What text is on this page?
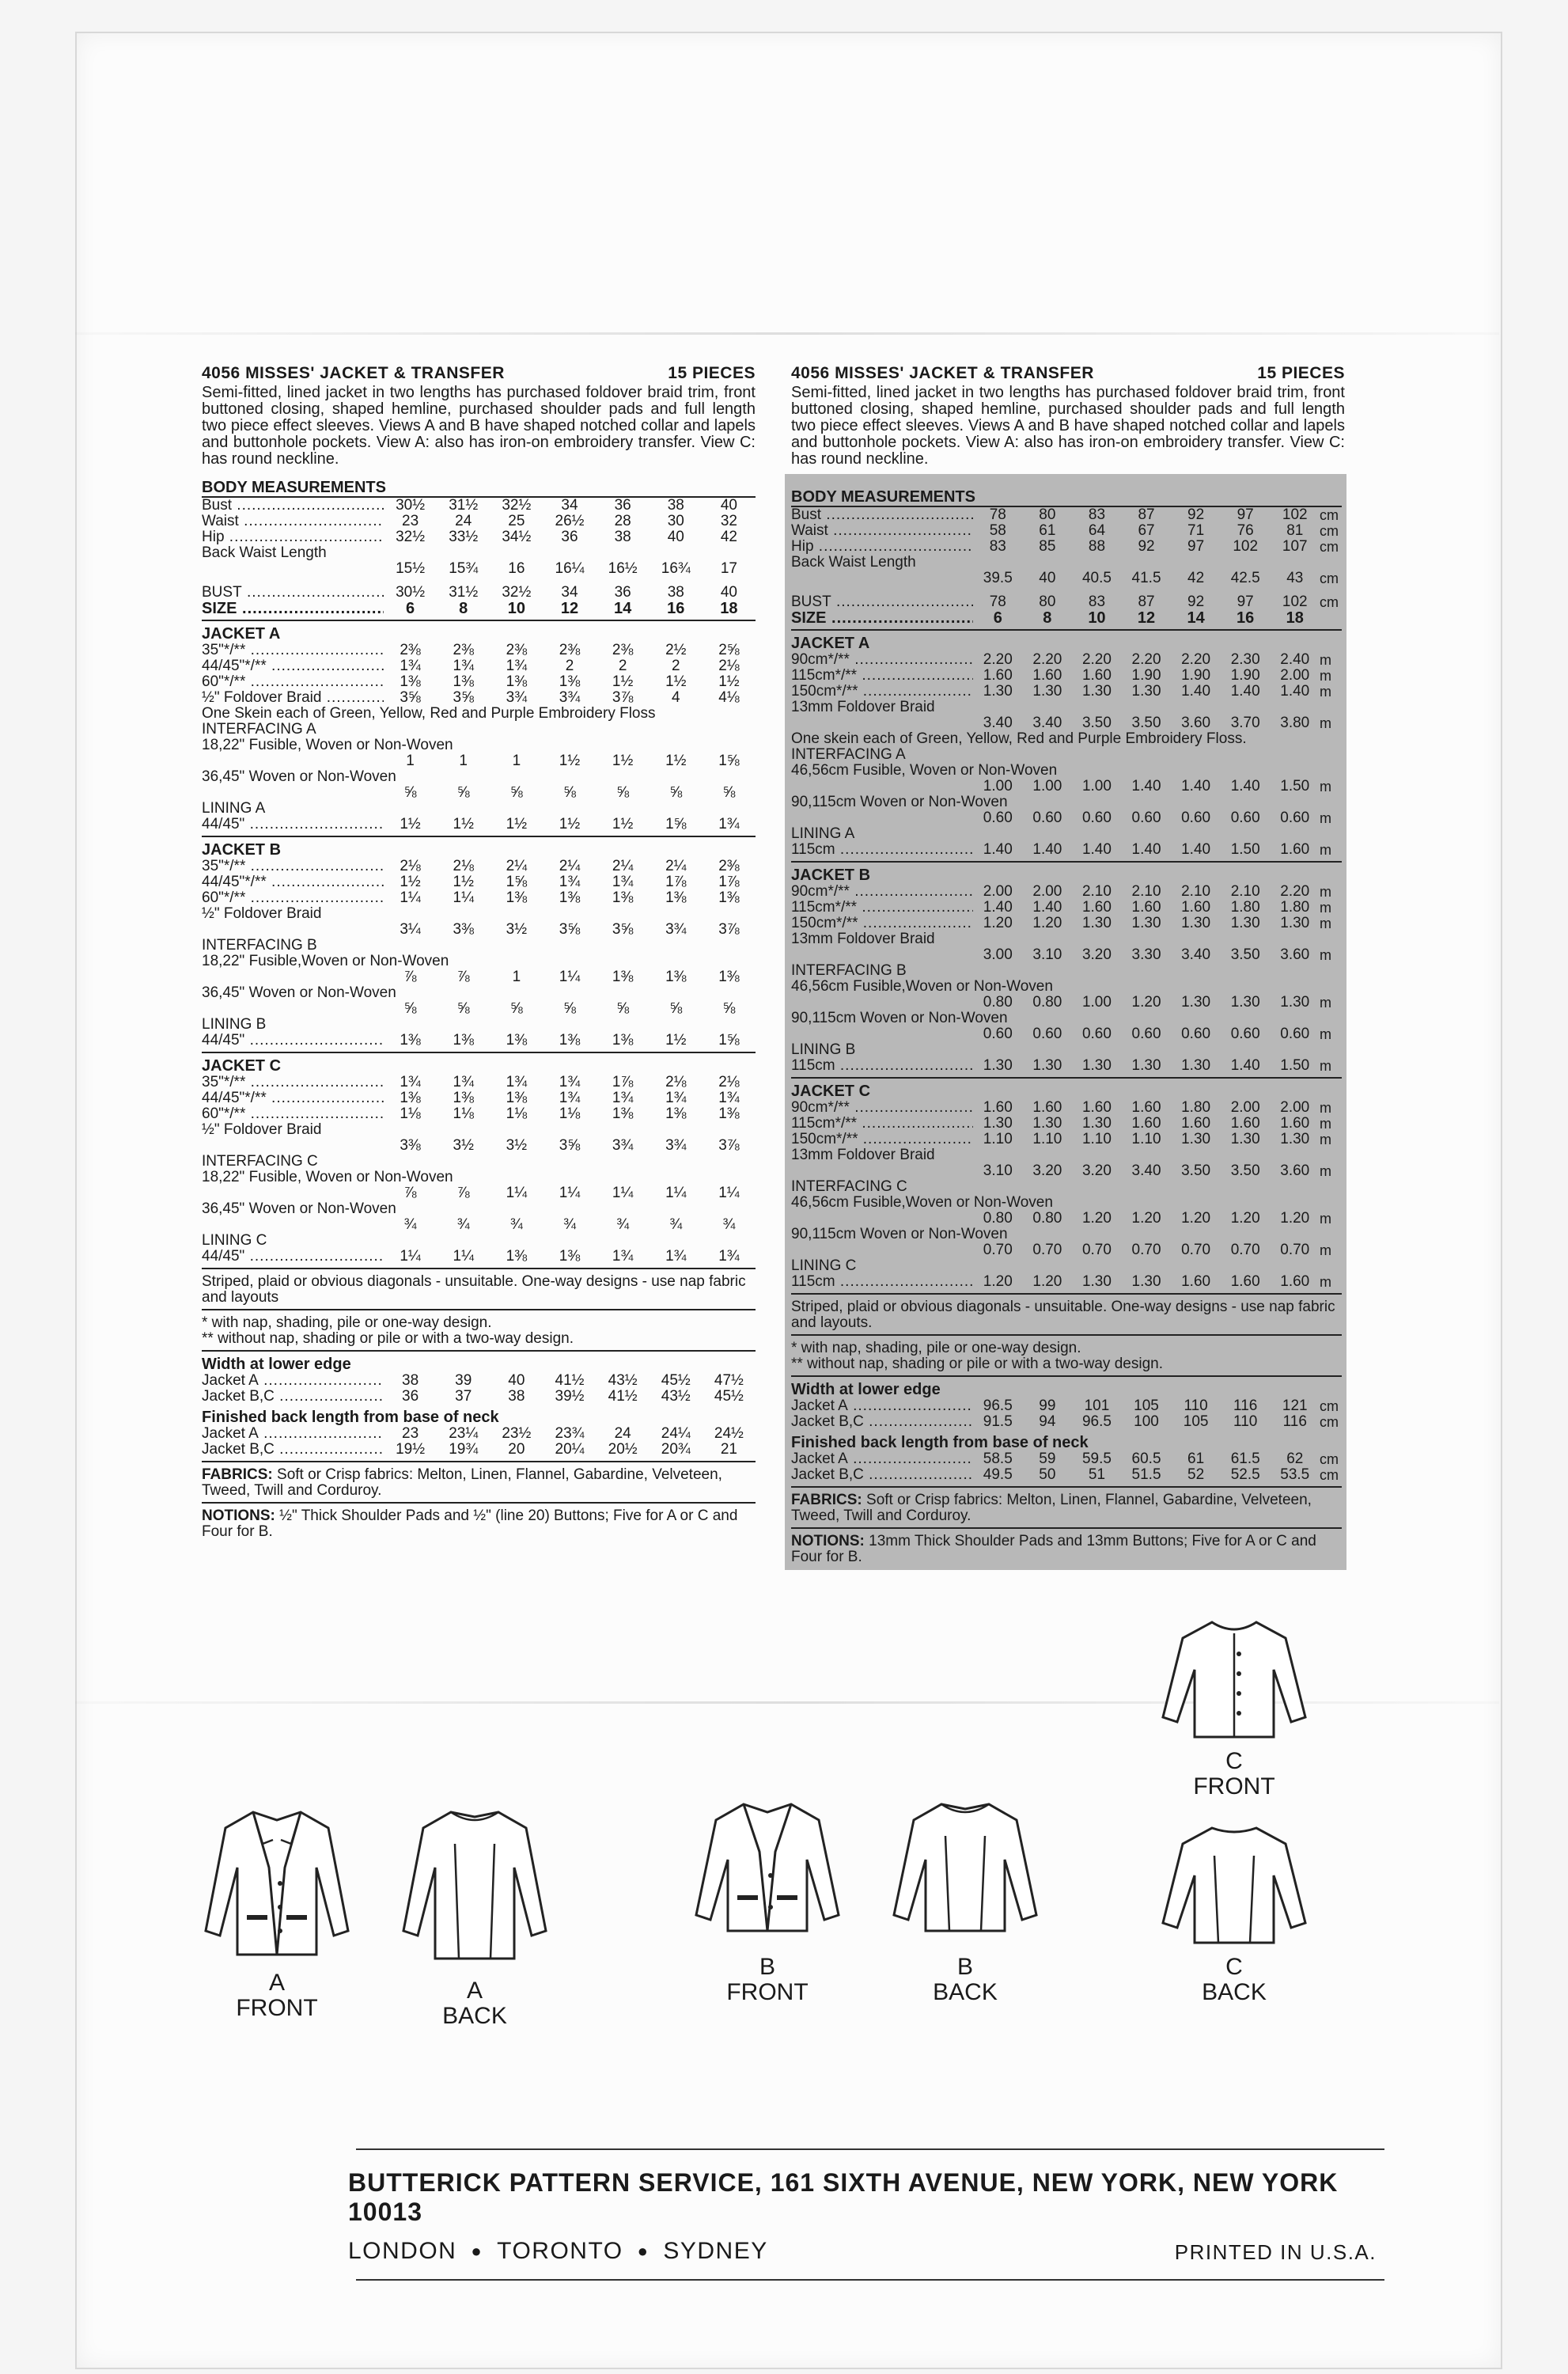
4056 MISSES' JACKET & TRANSFER	15 PIECES
Semi-fitted, lined jacket in two lengths has purchased foldover braid trim, front buttoned closing, shaped hemline, purchased shoulder pads and full length two piece effect sleeves. Views A and B have shaped notched collar and lapels and buttonhole pockets. View A: also has iron-on embroidery transfer. View C: has round neckline.
BODY MEASUREMENTS
Bust .....	30½	31½	32½	34	36	38	40
Waist .....	23	24	25	26½	28	30	32
Hip .....	32½	33½	34½	36	38	40	42
Back Waist Length
15½	15¾	16	16¼	16½	16¾	17
BUST .....	30½	31½	32½	34	36	38	40
SIZE .....	6	8	10	12	14	16	18
JACKET A
35"*/** .....	2⅜	2⅜	2⅜	2⅜	2⅜	2½	2⅝
44/45"*/** .....	1¾	1¾	1¾	2	2	2	2⅛
60"*/** .....	1⅜	1⅜	1⅜	1⅜	1½	1½	1½
½" Foldover Braid .....	3⅝	3⅝	3¾	3¾	3⅞	4	4⅛
One Skein each of Green, Yellow, Red and Purple Embroidery Floss
INTERFACING A
18,22" Fusible, Woven or Non-Woven
1	1	1	1½	1½	1½	1⅝
36,45" Woven or Non-Woven
⅝	⅝	⅝	⅝	⅝	⅝	⅝
LINING A
44/45" .....	1½	1½	1½	1½	1½	1⅝	1¾
JACKET B
35"*/** .....	2⅛	2⅛	2¼	2¼	2¼	2¼	2⅜
44/45"*/** .....	1½	1½	1⅝	1¾	1¾	1⅞	1⅞
60"*/** .....	1¼	1¼	1⅜	1⅜	1⅜	1⅜	1⅜
½" Foldover Braid
3¼	3⅜	3½	3⅝	3⅝	3¾	3⅞
INTERFACING B
18,22" Fusible,Woven or Non-Woven
⅞	⅞	1	1¼	1⅜	1⅜	1⅜
36,45" Woven or Non-Woven
⅝	⅝	⅝	⅝	⅝	⅝	⅝
LINING B
44/45" .....	1⅜	1⅜	1⅜	1⅜	1⅜	1½	1⅝
JACKET C
35"*/** .....	1¾	1¾	1¾	1¾	1⅞	2⅛	2⅛
44/45"*/** .....	1⅜	1⅜	1⅜	1¾	1¾	1¾	1¾
60"*/** .....	1⅛	1⅛	1⅛	1⅛	1⅜	1⅜	1⅜
½" Foldover Braid
3⅜	3½	3½	3⅝	3¾	3¾	3⅞
INTERFACING C
18,22" Fusible, Woven or Non-Woven
⅞	⅞	1¼	1¼	1¼	1¼	1¼
36,45" Woven or Non-Woven
¾	¾	¾	¾	¾	¾	¾
LINING C
44/45" .....	1¼	1¼	1⅜	1⅜	1¾	1¾	1¾
Striped, plaid or obvious diagonals - unsuitable. One-way designs - use nap fabric and layouts
* with nap, shading, pile or one-way design.
** without nap, shading or pile or with a two-way design.
Width at lower edge
Jacket A .....	38	39	40	41½	43½	45½	47½
Jacket B,C .....	36	37	38	39½	41½	43½	45½
Finished back length from base of neck
Jacket A .....	23	23¼	23½	23¾	24	24¼	24½
Jacket B,C .....	19½	19¾	20	20¼	20½	20¾	21
FABRICS: Soft or Crisp fabrics: Melton, Linen, Flannel, Gabardine, Velveteen, Tweed, Twill and Corduroy.
NOTIONS: ½" Thick Shoulder Pads and ½" (line 20) Buttons; Five for A or C and Four for B.
4056 MISSES' JACKET & TRANSFER	15 PIECES
Semi-fitted, lined jacket in two lengths has purchased foldover braid trim, front buttoned closing, shaped hemline, purchased shoulder pads and full length two piece effect sleeves. Views A and B have shaped notched collar and lapels and buttonhole pockets. View A: also has iron-on embroidery transfer. View C: has round neckline.
BODY MEASUREMENTS
Bust .....	78	80	83	87	92	97	102 cm
Waist .....	58	61	64	67	71	76	81	cm
Hip .....	83	85	88	92	97	102	107 cm
Back Waist Length
39.5	40	40.5	41.5	42	42.5	43	cm
BUST .....	78	80	83	87	92	97	102 cm
SIZE .....	6	8	10	12	14	16	18
JACKET A
90cm*/** .....	2.20	2.20	2.20	2.20	2.20	2.30	2.40 m
115cm*/** .....	1.60	1.60	1.60	1.90	1.90	1.90	2.00 m
150cm*/** .....	1.30	1.30	1.30	1.30	1.40	1.40	1.40 m
13mm Foldover Braid
3.40	3.40	3.50	3.50	3.60	3.70	3.80 m
One skein each of Green, Yellow, Red and Purple Embroidery Floss.
INTERFACING A
46,56cm Fusible, Woven or Non-Woven
1.00	1.00	1.00	1.40	1.40	1.40	1.50 m
90,115cm Woven or Non-Woven
0.60	0.60	0.60	0.60	0.60	0.60	0.60 m
LINING A
115cm .....	1.40	1.40	1.40	1.40	1.40	1.50	1.60 m
JACKET B
90cm*/** .....	2.00	2.00	2.10	2.10	2.10	2.10	2.20 m
115cm*/** .....	1.40	1.40	1.60	1.60	1.60	1.80	1.80 m
150cm*/** .....	1.20	1.20	1.30	1.30	1.30	1.30	1.30 m
13mm Foldover Braid
3.00	3.10	3.20	3.30	3.40	3.50	3.60 m
INTERFACING B
46,56cm Fusible,Woven or Non-Woven
0.80	0.80	1.00	1.20	1.30	1.30	1.30 m
90,115cm Woven or Non-Woven
0.60	0.60	0.60	0.60	0.60	0.60	0.60 m
LINING B
115cm .....	1.30	1.30	1.30	1.30	1.30	1.40	1.50 m
JACKET C
90cm*/** .....	1.60	1.60	1.60	1.60	1.80	2.00	2.00 m
115cm*/** .....	1.30	1.30	1.30	1.60	1.60	1.60	1.60 m
150cm*/** .....	1.10	1.10	1.10	1.10	1.30	1.30	1.30 m
13mm Foldover Braid
3.10	3.20	3.20	3.40	3.50	3.50	3.60 m
INTERFACING C
46,56cm Fusible,Woven or Non-Woven
0.80	0.80	1.20	1.20	1.20	1.20	1.20 m
90,115cm Woven or Non-Woven
0.70	0.70	0.70	0.70	0.70	0.70	0.70 m
LINING C
115cm .....	1.20	1.20	1.30	1.30	1.60	1.60	1.60 m
Striped, plaid or obvious diagonals - unsuitable. One-way designs - use nap fabric and layouts.
* with nap, shading, pile or one-way design.
** without nap, shading or pile or with a two-way design.
Width at lower edge
Jacket A .....	96.5	99	101	105	110	116	121 cm
Jacket B,C .....	91.5	94	96.5	100	105	110	116 cm
Finished back length from base of neck
Jacket A .....	58.5	59	59.5	60.5	61	61.5	62	cm
Jacket B,C .....	49.5	50	51	51.5	52	52.5	53.5 cm
FABRICS: Soft or Crisp fabrics: Melton, Linen, Flannel, Gabardine, Velveteen, Tweed, Twill and Corduroy.
NOTIONS: 13mm Thick Shoulder Pads and 13mm Buttons; Five for A or C and Four for B.
A
FRONT
A
BACK
B
FRONT
B
BACK
C
FRONT
C
BACK
BUTTERICK PATTERN SERVICE, 161 SIXTH AVENUE, NEW YORK, NEW YORK 10013
LONDON ● TORONTO ● SYDNEY	PRINTED IN U.S.A.
